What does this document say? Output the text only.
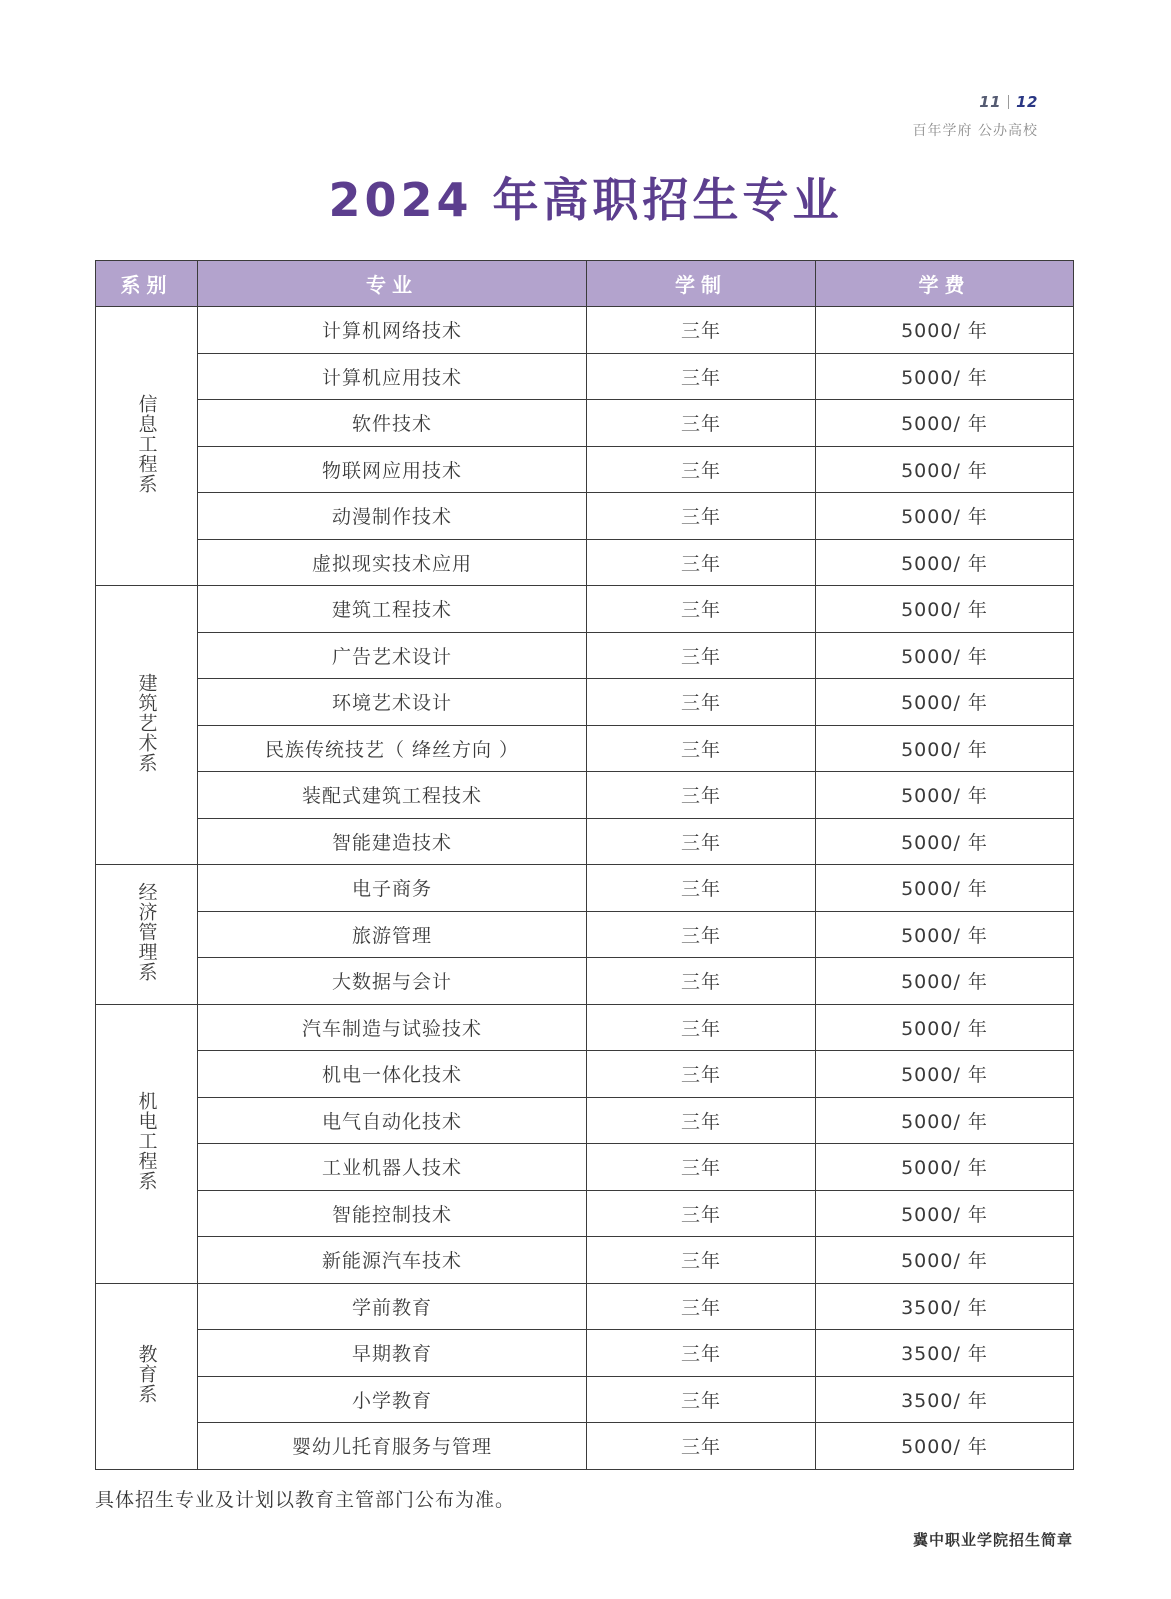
11 12
百年学府 公办高校
2024 年高职招生专业
系别	专业	学制	学费
信息工程系	计算机网络技术	三年	5000/ 年
	计算机应用技术	三年	5000/ 年
	软件技术	三年	5000/ 年
	物联网应用技术	三年	5000/ 年
	动漫制作技术	三年	5000/ 年
	虚拟现实技术应用	三年	5000/ 年
建筑艺术系	建筑工程技术	三年	5000/ 年
	广告艺术设计	三年	5000/ 年
	环境艺术设计	三年	5000/ 年
	民族传统技艺（ 绛丝方向 ）	三年	5000/ 年
	装配式建筑工程技术	三年	5000/ 年
	智能建造技术	三年	5000/ 年
经济管理系	电子商务	三年	5000/ 年
	旅游管理	三年	5000/ 年
	大数据与会计	三年	5000/ 年
机电工程系	汽车制造与试验技术	三年	5000/ 年
	机电一体化技术	三年	5000/ 年
	电气自动化技术	三年	5000/ 年
	工业机器人技术	三年	5000/ 年
	智能控制技术	三年	5000/ 年
	新能源汽车技术	三年	5000/ 年
教育系	学前教育	三年	3500/ 年
	早期教育	三年	3500/ 年
	小学教育	三年	3500/ 年
	婴幼儿托育服务与管理	三年	5000/ 年
具体招生专业及计划以教育主管部门公布为准。
冀中职业学院招生简章
